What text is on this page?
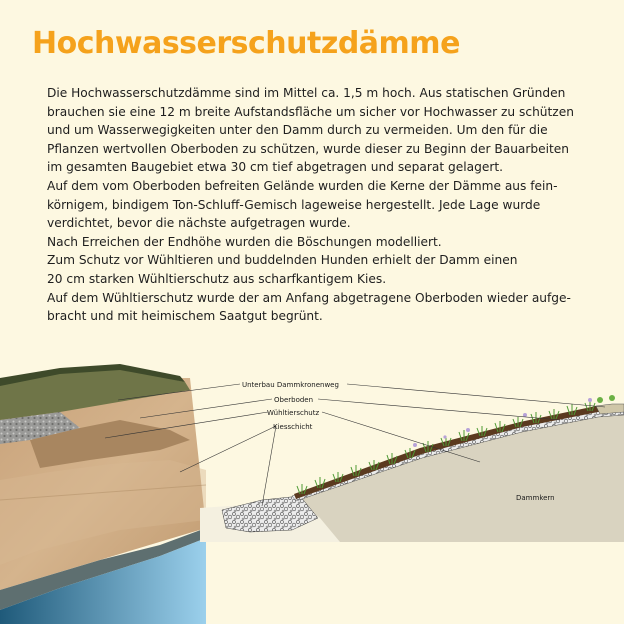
Hochwasserschutzdämme
Die Hochwasserschutzdämme sind im Mittel ca. 1,5 m hoch. Aus statischen Gründen
brauchen sie eine 12 m breite Aufstandsfläche um sicher vor Hochwasser zu schützen
und um Wasserwegigkeiten unter den Damm durch zu vermeiden. Um den für die
Pflanzen wertvollen Oberboden zu schützen, wurde dieser zu Beginn der Bauarbeiten
im gesamten Baugebiet etwa 30 cm tief abgetragen und separat gelagert.
Auf dem vom Oberboden befreiten Gelände wurden die Kerne der Dämme aus fein-
körnigem, bindigem Ton-Schluff-Gemisch lageweise hergestellt. Jede Lage wurde
verdichtet, bevor die nächste aufgetragen wurde.
Nach Erreichen der Endhöhe wurden die Böschungen modelliert.
Zum Schutz vor Wühltieren und buddelnden Hunden erhielt der Damm einen
20 cm starken Wühltierschutz aus scharfkantigem Kies.
Auf dem Wühltierschutz wurde der am Anfang abgetragene Oberboden wieder aufge-
bracht und mit heimischem Saatgut begrünt.
Unterbau Dammkronenweg
Oberboden
Wühltierschutz
Kiesschicht
Dammkern
